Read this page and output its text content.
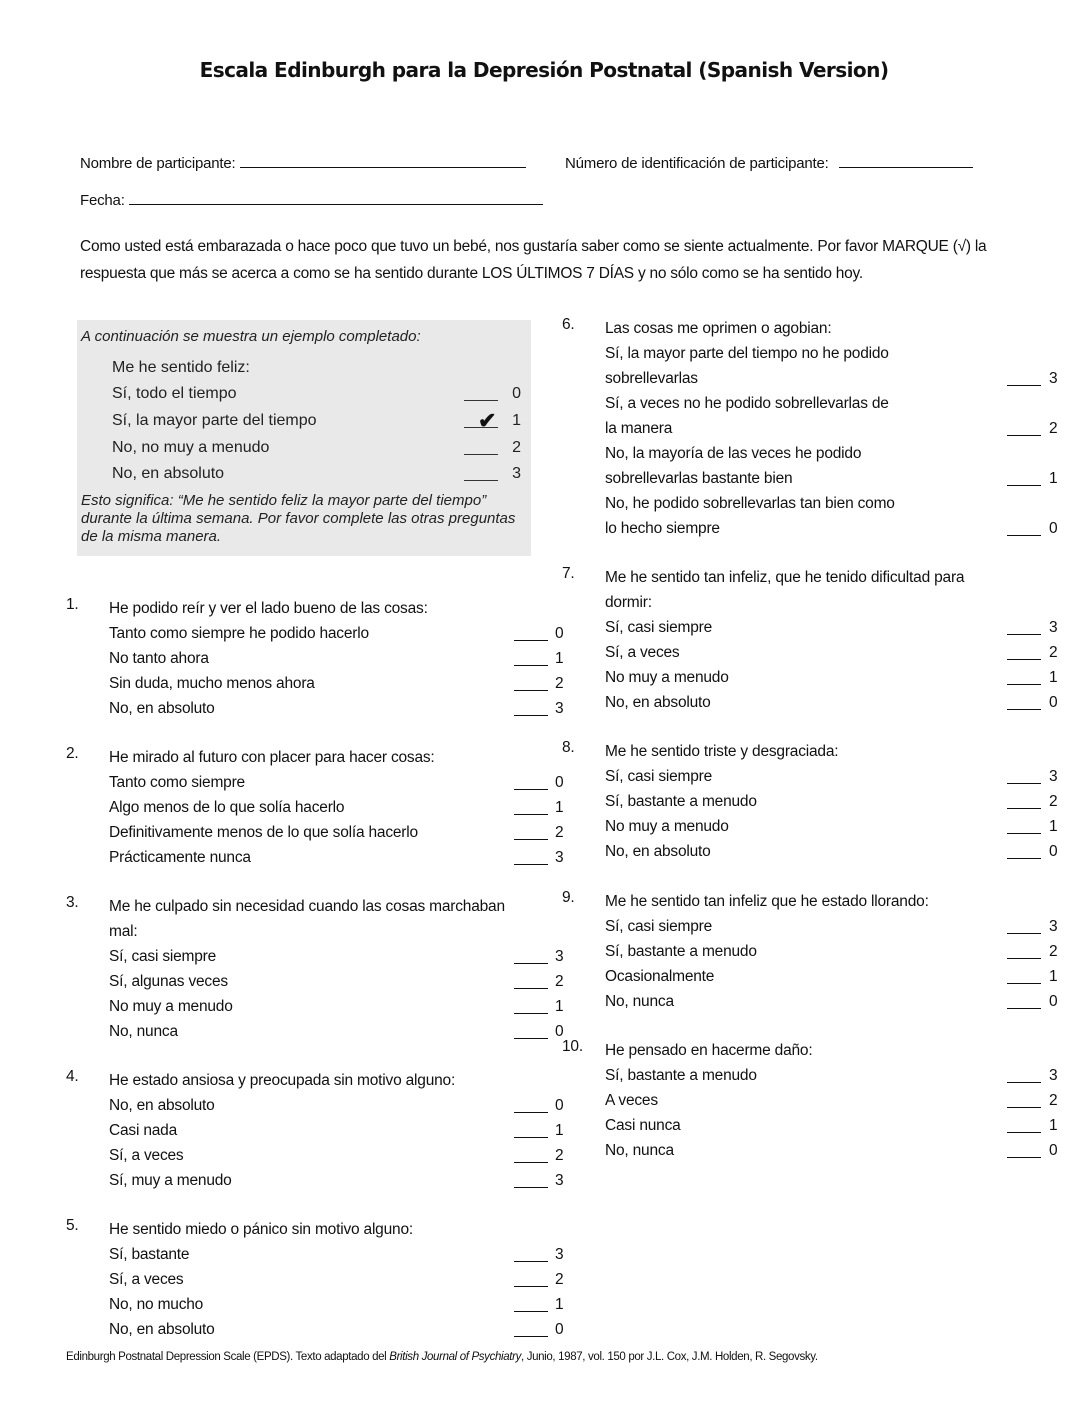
Escala Edinburgh para la Depresión Postnatal (Spanish Version)
Nombre de participante:	Número de identificación de participante:
Fecha:
Como usted está embarazada o hace poco que tuvo un bebé, nos gustaría saber como se siente actualmente. Por favor MARQUE (√) la respuesta que más se acerca a como se ha sentido durante LOS ÚLTIMOS 7 DÍAS y no sólo como se ha sentido hoy.
A continuación se muestra un ejemplo completado:
Me he sentido feliz:
Sí, todo el tiempo	0
Sí, la mayor parte del tiempo	✔ 1
No, no muy a menudo	2
No, en absoluto	3
Esto significa: “Me he sentido feliz la mayor parte del tiempo” durante la última semana. Por favor complete las otras preguntas de la misma manera.
1. He podido reír y ver el lado bueno de las cosas:
Tanto como siempre he podido hacerlo	0
No tanto ahora	1
Sin duda, mucho menos ahora	2
No, en absoluto	3
2. He mirado al futuro con placer para hacer cosas:
Tanto como siempre	0
Algo menos de lo que solía hacerlo	1
Definitivamente menos de lo que solía hacerlo	2
Prácticamente nunca	3
3. Me he culpado sin necesidad cuando las cosas marchaban mal:
Sí, casi siempre	3
Sí, algunas veces	2
No muy a menudo	1
No, nunca	0
4. He estado ansiosa y preocupada sin motivo alguno:
No, en absoluto	0
Casi nada	1
Sí, a veces	2
Sí, muy a menudo	3
5. He sentido miedo o pánico sin motivo alguno:
Sí, bastante	3
Sí, a veces	2
No, no mucho	1
No, en absoluto	0
6. Las cosas me oprimen o agobian:
Sí, la mayor parte del tiempo no he podido
sobrellevarlas	3
Sí, a veces no he podido sobrellevarlas de
la manera	2
No, la mayoría de las veces he podido
sobrellevarlas bastante bien	1
No, he podido sobrellevarlas tan bien como
lo hecho siempre	0
7. Me he sentido tan infeliz, que he tenido dificultad para dormir:
Sí, casi siempre	3
Sí, a veces	2
No muy a menudo	1
No, en absoluto	0
8. Me he sentido triste y desgraciada:
Sí, casi siempre	3
Sí, bastante a menudo	2
No muy a menudo	1
No, en absoluto	0
9. Me he sentido tan infeliz que he estado llorando:
Sí, casi siempre	3
Sí, bastante a menudo	2
Ocasionalmente	1
No, nunca	0
10. He pensado en hacerme daño:
Sí, bastante a menudo	3
A veces	2
Casi nunca	1
No, nunca	0
Edinburgh Postnatal Depression Scale (EPDS). Texto adaptado del British Journal of Psychiatry, Junio, 1987, vol. 150 por J.L. Cox, J.M. Holden, R. Segovsky.
